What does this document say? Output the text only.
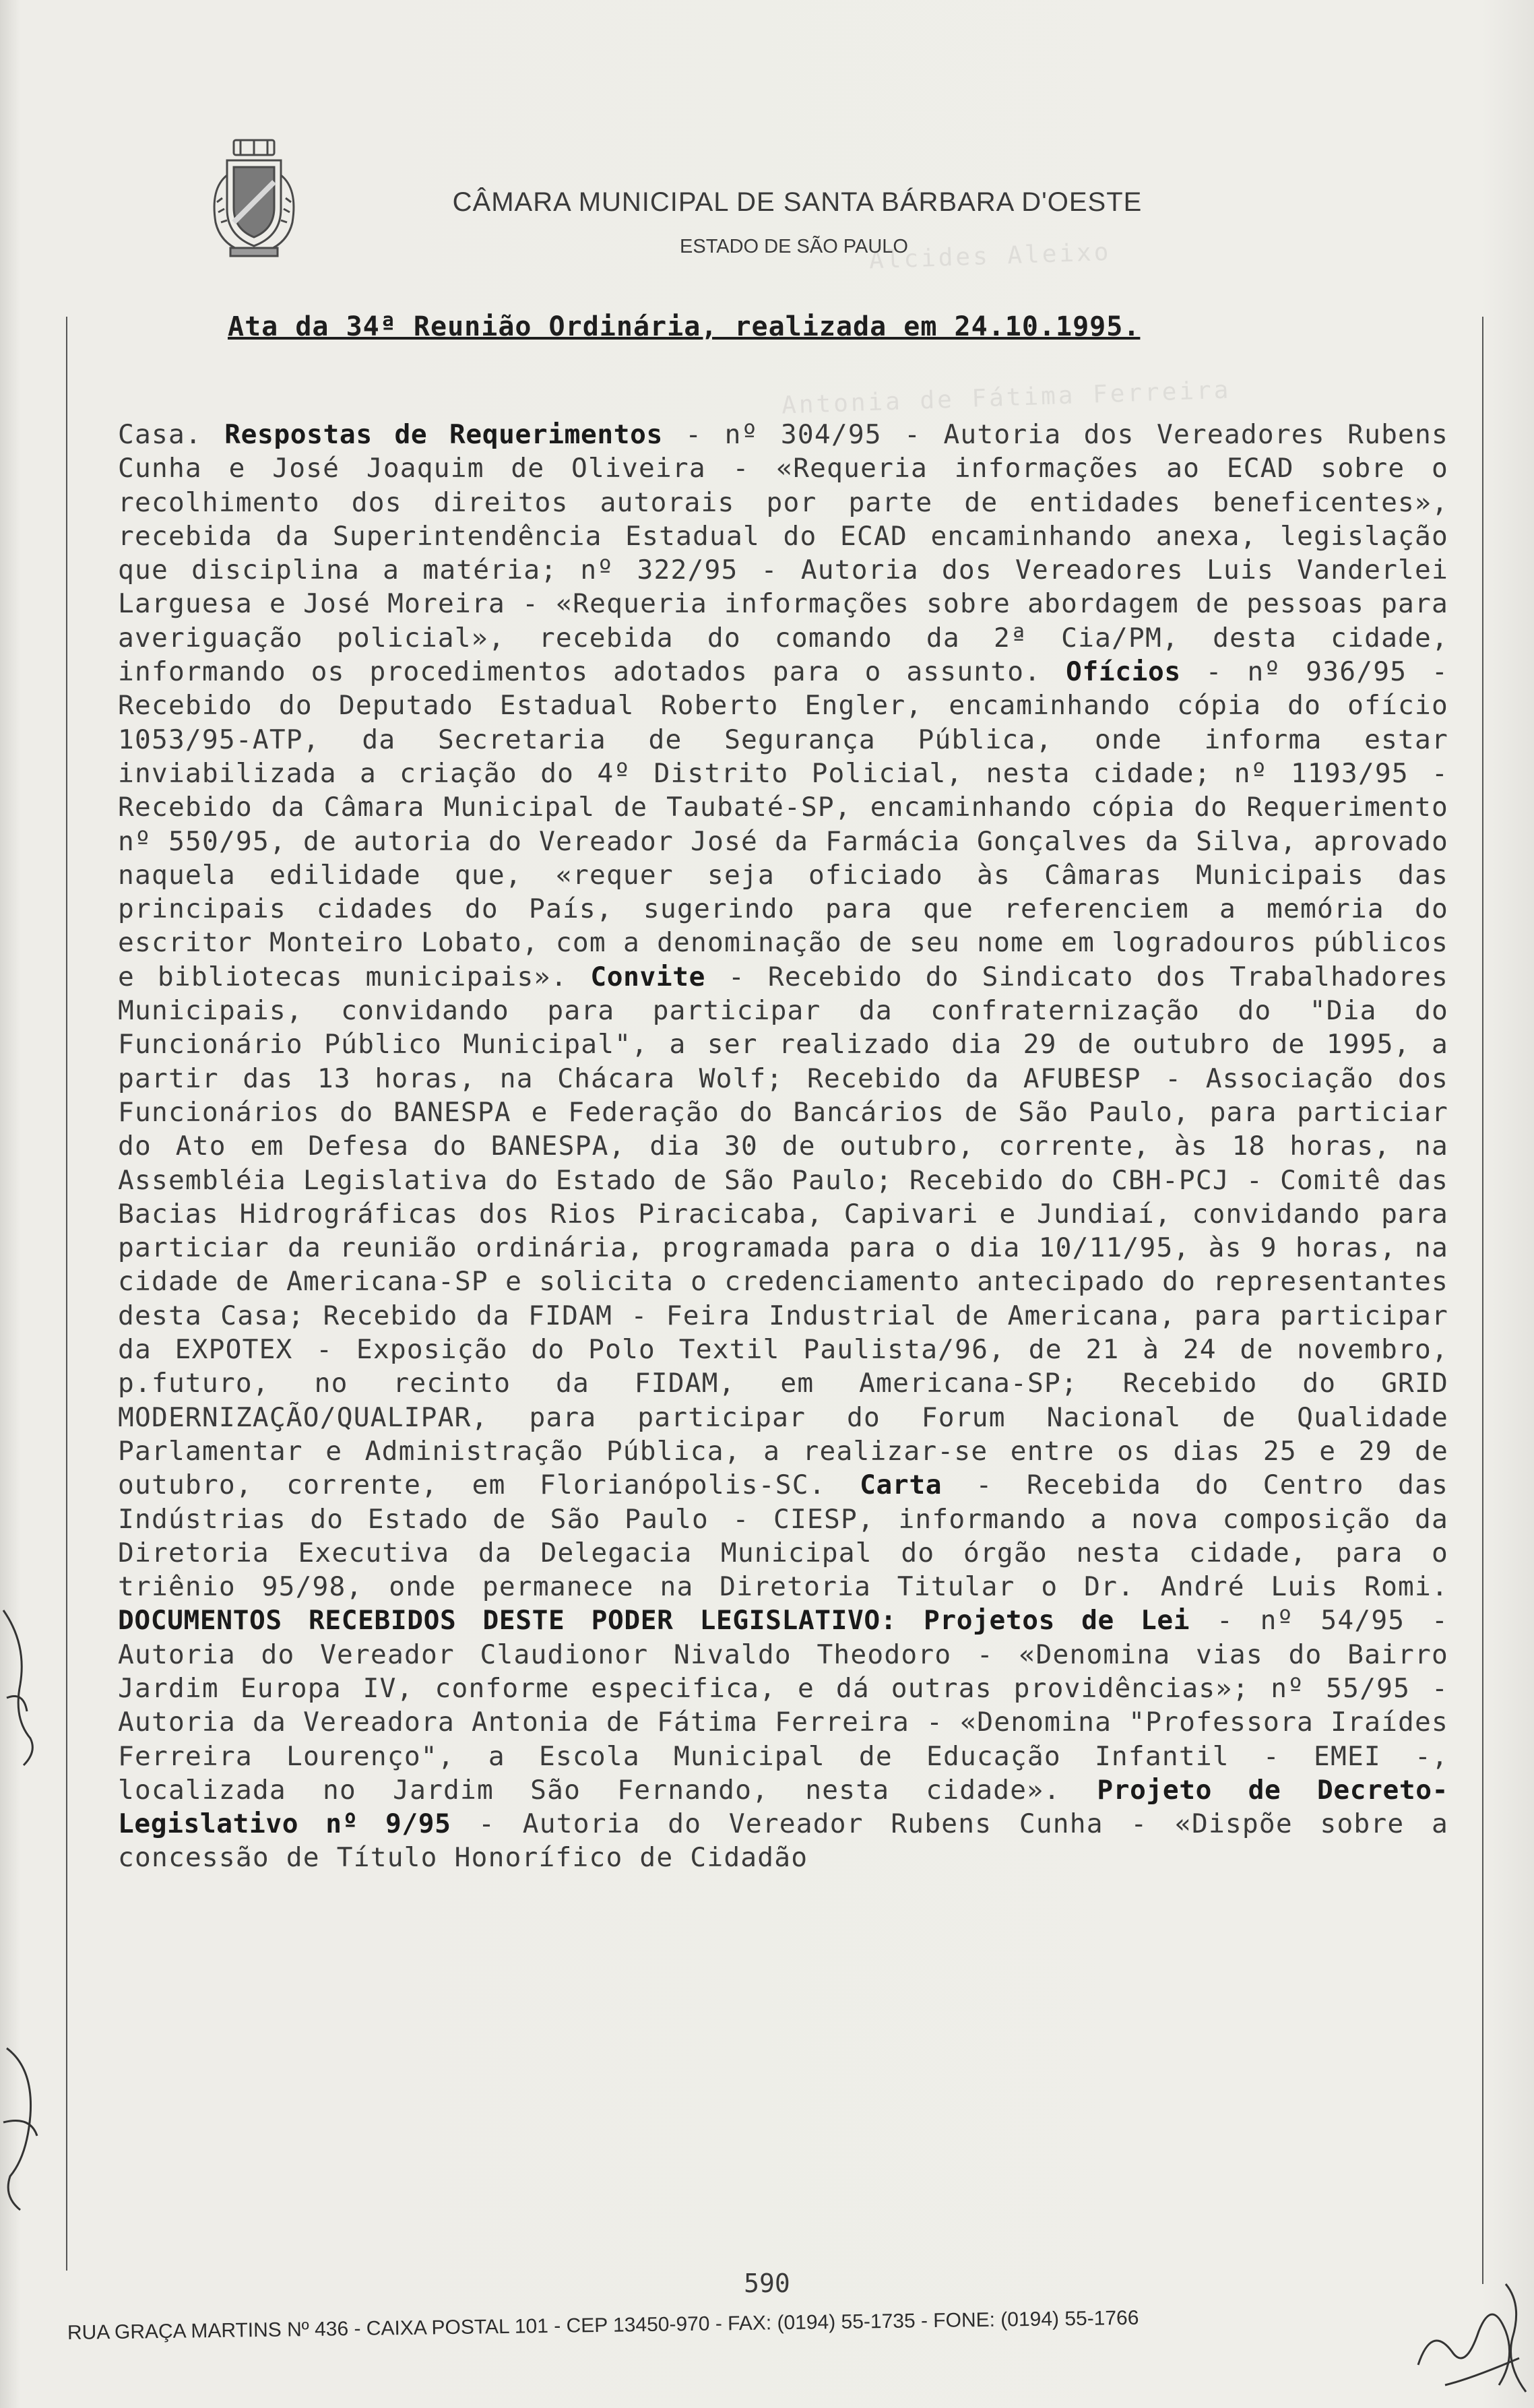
Alcides Aleixo
Antonia de Fátima Ferreira
CÂMARA MUNICIPAL DE SANTA BÁRBARA D'OESTE
ESTADO DE SÃO PAULO
Ata da 34ª Reunião Ordinária, realizada em 24.10.1995.
Casa. Respostas de Requerimentos - nº 304/95 - Autoria dos Vereadores Rubens Cunha e José Joaquim de Oliveira - «Requeria informações ao ECAD sobre o recolhimento dos direitos autorais por parte de entidades beneficentes», recebida da Superintendência Estadual do ECAD encaminhando anexa, legislação que disciplina a matéria; nº 322/95 - Autoria dos Vereadores Luis Vanderlei Larguesa e José Moreira - «Requeria informações sobre abordagem de pessoas para averiguação policial», recebida do comando da 2ª Cia/PM, desta cidade, informando os procedimentos adotados para o assunto. Ofícios - nº 936/95 - Recebido do Deputado Estadual Roberto Engler, encaminhando cópia do ofício 1053/95-ATP, da Secretaria de Segurança Pública, onde informa estar inviabilizada a criação do 4º Distrito Policial, nesta cidade; nº 1193/95 - Recebido da Câmara Municipal de Taubaté-SP, encaminhando cópia do Requerimento nº 550/95, de autoria do Vereador José da Farmácia Gonçalves da Silva, aprovado naquela edilidade que, «requer seja oficiado às Câmaras Municipais das principais cidades do País, sugerindo para que referenciem a memória do escritor Monteiro Lobato, com a denominação de seu nome em logradouros públicos e bibliotecas municipais». Convite - Recebido do Sindicato dos Trabalhadores Municipais, convidando para participar da confraternização do "Dia do Funcionário Público Municipal", a ser realizado dia 29 de outubro de 1995, a partir das 13 horas, na Chácara Wolf; Recebido da AFUBESP - Associação dos Funcionários do BANESPA e Federação do Bancários de São Paulo, para particiar do Ato em Defesa do BANESPA, dia 30 de outubro, corrente, às 18 horas, na Assembléia Legislativa do Estado de São Paulo; Recebido do CBH-PCJ - Comitê das Bacias Hidrográficas dos Rios Piracicaba, Capivari e Jundiaí, convidando para particiar da reunião ordinária, programada para o dia 10/11/95, às 9 horas, na cidade de Americana-SP e solicita o credenciamento antecipado do representantes desta Casa; Recebido da FIDAM - Feira Industrial de Americana, para participar da EXPOTEX - Exposição do Polo Textil Paulista/96, de 21 à 24 de novembro, p.futuro, no recinto da FIDAM, em Americana-SP; Recebido do GRID MODERNIZAÇÃO/QUALIPAR, para participar do Forum Nacional de Qualidade Parlamentar e Administração Pública, a realizar-se entre os dias 25 e 29 de outubro, corrente, em Florianópolis-SC. Carta - Recebida do Centro das Indústrias do Estado de São Paulo - CIESP, informando a nova composição da Diretoria Executiva da Delegacia Municipal do órgão nesta cidade, para o triênio 95/98, onde permanece na Diretoria Titular o Dr. André Luis Romi. DOCUMENTOS RECEBIDOS DESTE PODER LEGISLATIVO: Projetos de Lei - nº 54/95 - Autoria do Vereador Claudionor Nivaldo Theodoro - «Denomina vias do Bairro Jardim Europa IV, conforme especifica, e dá outras providências»; nº 55/95 - Autoria da Vereadora Antonia de Fátima Ferreira - «Denomina "Professora Iraídes Ferreira Lourenço", a Escola Municipal de Educação Infantil - EMEI -, localizada no Jardim São Fernando, nesta cidade». Projeto de Decreto-Legislativo nº 9/95 - Autoria do Vereador Rubens Cunha - «Dispõe sobre a concessão de Título Honorífico de Cidadão
590
RUA GRAÇA MARTINS Nº 436 - CAIXA POSTAL 101 - CEP 13450-970 - FAX: (0194) 55-1735 - FONE: (0194) 55-1766
